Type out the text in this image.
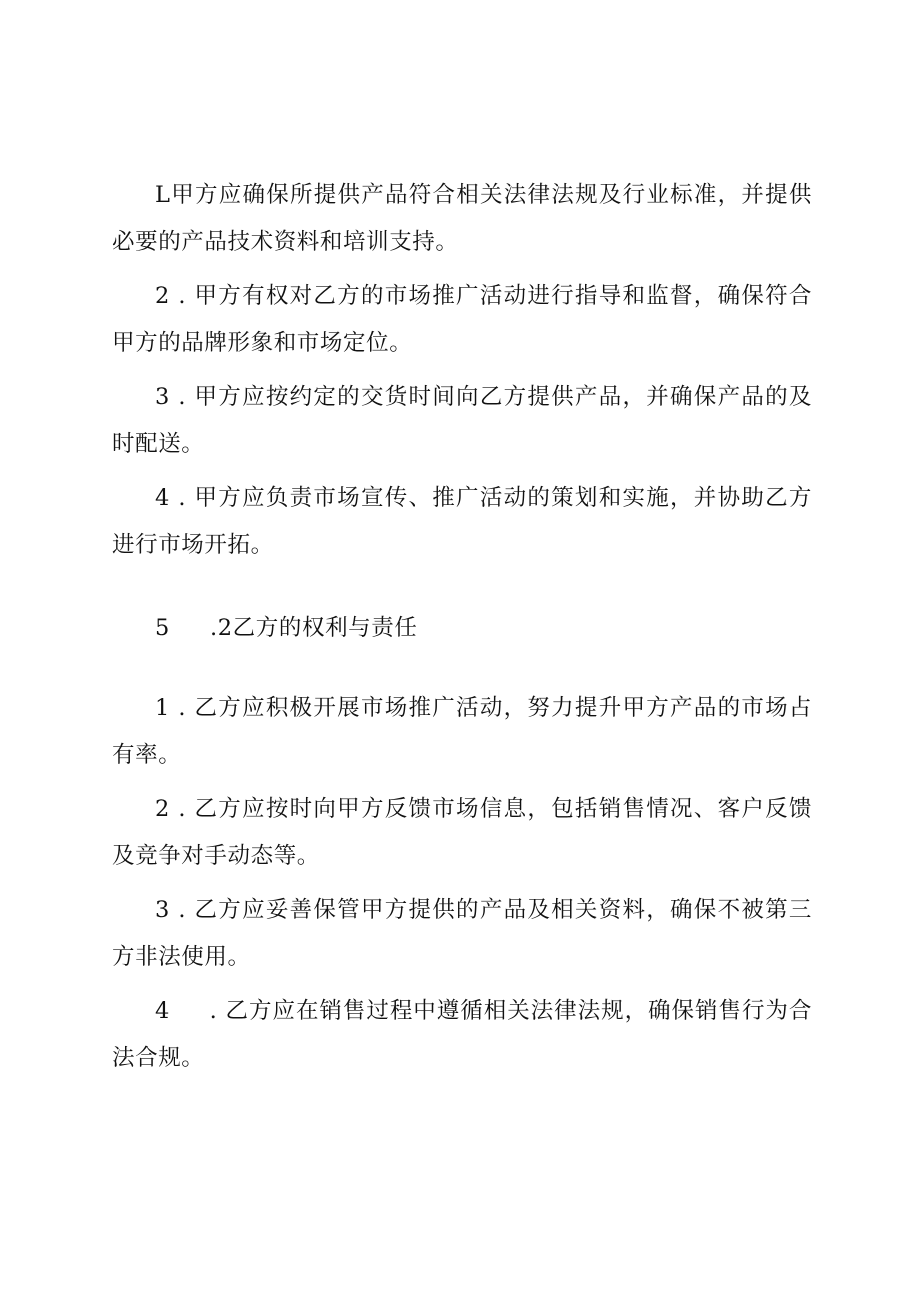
L甲方应确保所提供产品符合相关法律法规及行业标准，并提供必要的产品技术资料和培训支持。

2 . 甲方有权对乙方的市场推广活动进行指导和监督，确保符合甲方的品牌形象和市场定位。

3 . 甲方应按约定的交货时间向乙方提供产品，并确保产品的及时配送。

4 . 甲方应负责市场宣传、推广活动的策划和实施，并协助乙方进行市场开拓。

5 .2乙方的权利与责任

1 . 乙方应积极开展市场推广活动，努力提升甲方产品的市场占有率。

2 . 乙方应按时向甲方反馈市场信息，包括销售情况、客户反馈及竞争对手动态等。

3 . 乙方应妥善保管甲方提供的产品及相关资料，确保不被第三方非法使用。

4 　 . 乙方应在销售过程中遵循相关法律法规，确保销售行为合法合规。
